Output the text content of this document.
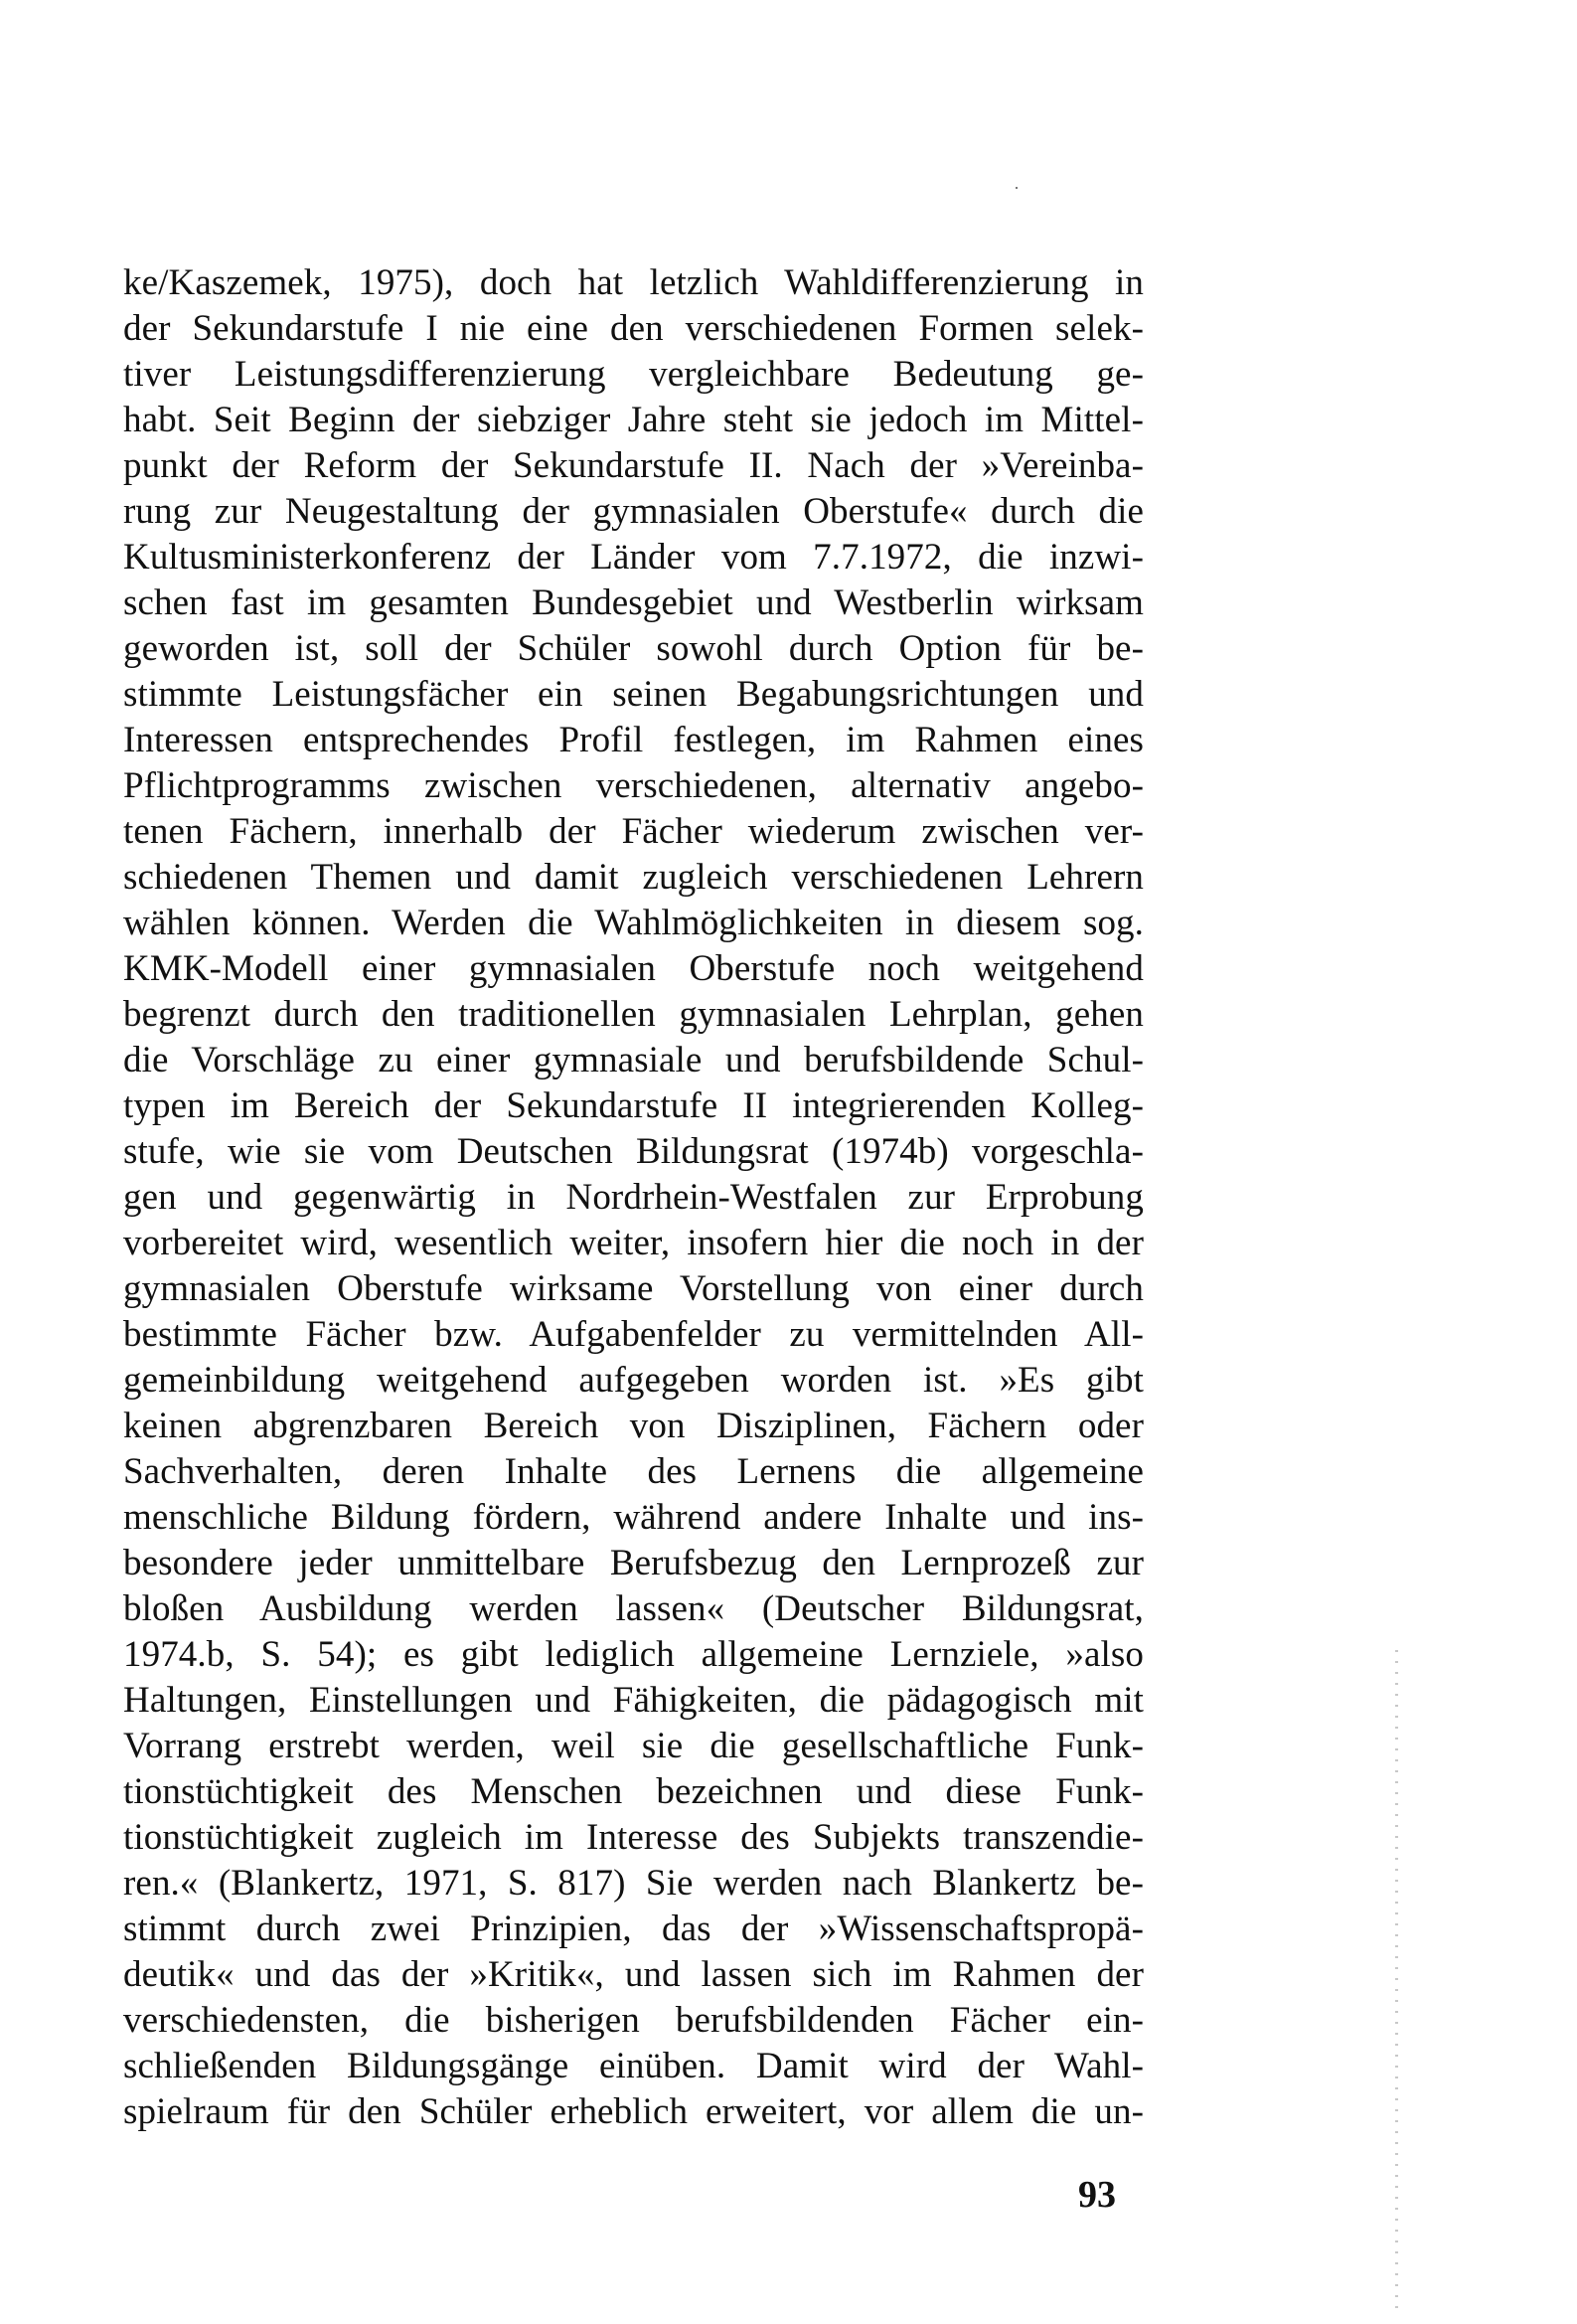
ke/Kaszemek, 1975), doch hat letzlich Wahldifferenzierung in
der Sekundarstufe I nie eine den verschiedenen Formen selek-
tiver Leistungsdifferenzierung vergleichbare Bedeutung ge-
habt. Seit Beginn der siebziger Jahre steht sie jedoch im Mittel-
punkt der Reform der Sekundarstufe II. Nach der »Vereinba-
rung zur Neugestaltung der gymnasialen Oberstufe« durch die
Kultusministerkonferenz der Länder vom 7.7.1972, die inzwi-
schen fast im gesamten Bundesgebiet und Westberlin wirksam
geworden ist, soll der Schüler sowohl durch Option für be-
stimmte Leistungsfächer ein seinen Begabungsrichtungen und
Interessen entsprechendes Profil festlegen, im Rahmen eines
Pflichtprogramms zwischen verschiedenen, alternativ angebo-
tenen Fächern, innerhalb der Fächer wiederum zwischen ver-
schiedenen Themen und damit zugleich verschiedenen Lehrern
wählen können. Werden die Wahlmöglichkeiten in diesem sog.
KMK-Modell einer gymnasialen Oberstufe noch weitgehend
begrenzt durch den traditionellen gymnasialen Lehrplan, gehen
die Vorschläge zu einer gymnasiale und berufsbildende Schul-
typen im Bereich der Sekundarstufe II integrierenden Kolleg-
stufe, wie sie vom Deutschen Bildungsrat (1974b) vorgeschla-
gen und gegenwärtig in Nordrhein-Westfalen zur Erprobung
vorbereitet wird, wesentlich weiter, insofern hier die noch in der
gymnasialen Oberstufe wirksame Vorstellung von einer durch
bestimmte Fächer bzw. Aufgabenfelder zu vermittelnden All-
gemeinbildung weitgehend aufgegeben worden ist. »Es gibt
keinen abgrenzbaren Bereich von Disziplinen, Fächern oder
Sachverhalten, deren Inhalte des Lernens die allgemeine
menschliche Bildung fördern, während andere Inhalte und ins-
besondere jeder unmittelbare Berufsbezug den Lernprozeß zur
bloßen Ausbildung werden lassen« (Deutscher Bildungsrat,
1974.b, S. 54); es gibt lediglich allgemeine Lernziele, »also
Haltungen, Einstellungen und Fähigkeiten, die pädagogisch mit
Vorrang erstrebt werden, weil sie die gesellschaftliche Funk-
tionstüchtigkeit des Menschen bezeichnen und diese Funk-
tionstüchtigkeit zugleich im Interesse des Subjekts transzendie-
ren.« (Blankertz, 1971, S. 817) Sie werden nach Blankertz be-
stimmt durch zwei Prinzipien, das der »Wissenschaftspropä-
deutik« und das der »Kritik«, und lassen sich im Rahmen der
verschiedensten, die bisherigen berufsbildenden Fächer ein-
schließenden Bildungsgänge einüben. Damit wird der Wahl-
spielraum für den Schüler erheblich erweitert, vor allem die un-
93
